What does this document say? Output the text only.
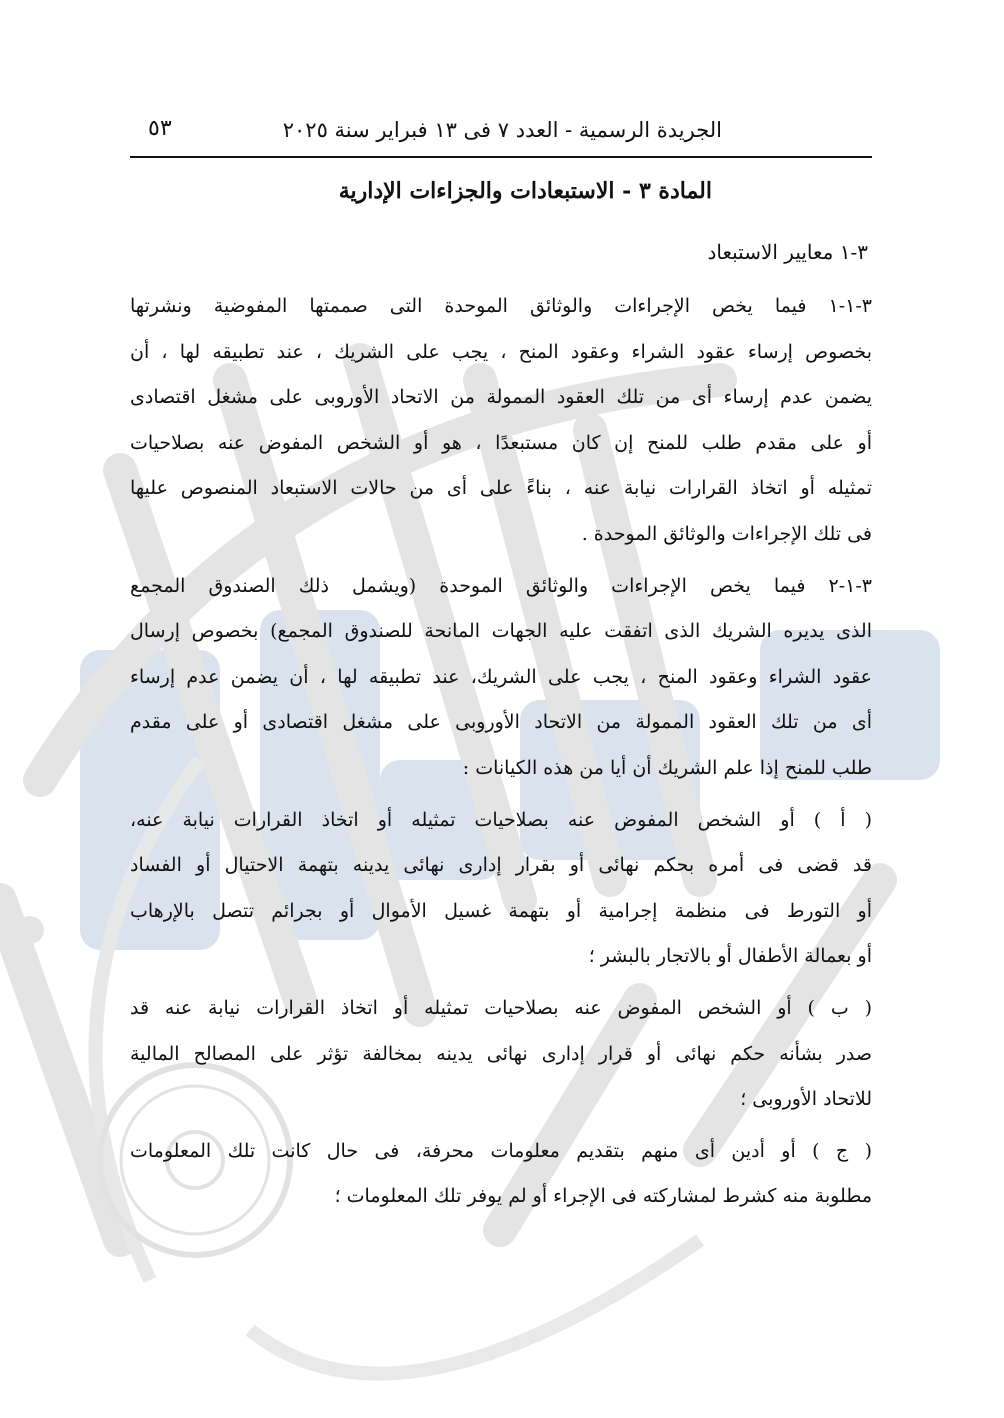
الجريدة الرسمية - العدد ٧ فى ١٣ فبراير سنة ٢٠٢٥
٥٣
المادة ٣ - الاستبعادات والجزاءات الإدارية
٣-١ معايير الاستبعاد
٣-١-١ فيما يخص الإجراءات والوثائق الموحدة التى صممتها المفوضية ونشرتها
بخصوص إرساء عقود الشراء وعقود المنح ، يجب على الشريك ، عند تطبيقه لها ، أن
يضمن عدم إرساء أى من تلك العقود الممولة من الاتحاد الأوروبى على مشغل اقتصادى
أو على مقدم طلب للمنح إن كان مستبعدًا ، هو أو الشخص المفوض عنه بصلاحيات
تمثيله أو اتخاذ القرارات نيابة عنه ، بناءً على أى من حالات الاستبعاد المنصوص عليها
فى تلك الإجراءات والوثائق الموحدة .
٣-١-٢ فيما يخص الإجراءات والوثائق الموحدة (ويشمل ذلك الصندوق المجمع
الذى يديره الشريك الذى اتفقت عليه الجهات المانحة للصندوق المجمع) بخصوص إرسال
عقود الشراء وعقود المنح ، يجب على الشريك، عند تطبيقه لها ، أن يضمن عدم إرساء
أى من تلك العقود الممولة من الاتحاد الأوروبى على مشغل اقتصادى أو على مقدم
طلب للمنح إذا علم الشريك أن أيا من هذه الكيانات :
( أ ) أو الشخص المفوض عنه بصلاحيات تمثيله أو اتخاذ القرارات نيابة عنه،
قد قضى فى أمره بحكم نهائى أو بقرار إدارى نهائى يدينه بتهمة الاحتيال أو الفساد
أو التورط فى منظمة إجرامية أو بتهمة غسيل الأموال أو بجرائم تتصل بالإرهاب
أو بعمالة الأطفال أو بالاتجار بالبشر ؛
( ب ) أو الشخص المفوض عنه بصلاحيات تمثيله أو اتخاذ القرارات نيابة عنه قد
صدر بشأنه حكم نهائى أو قرار إدارى نهائى يدينه بمخالفة تؤثر على المصالح المالية
للاتحاد الأوروبى ؛
( ج ) أو أدين أى منهم بتقديم معلومات محرفة، فى حال كانت تلك المعلومات
مطلوبة منه كشرط لمشاركته فى الإجراء أو لم يوفر تلك المعلومات ؛
